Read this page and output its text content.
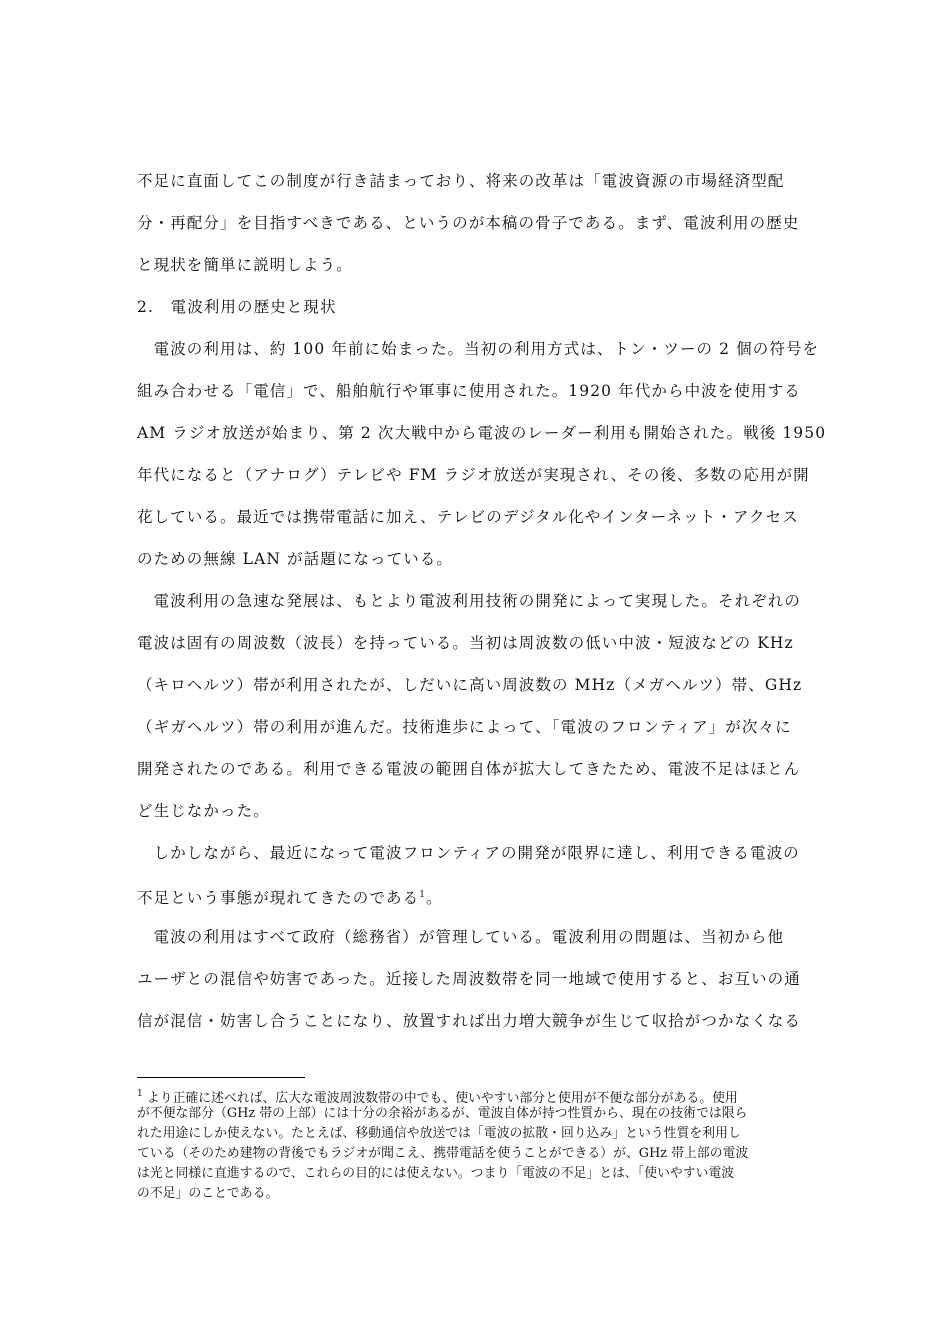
不足に直面してこの制度が行き詰まっており、将来の改革は「電波資源の市場経済型配
分・再配分」を目指すべきである、というのが本稿の骨子である。まず、電波利用の歴史
と現状を簡単に説明しよう。
2.　電波利用の歴史と現状
　電波の利用は、約 100 年前に始まった。当初の利用方式は、トン・ツーの 2 個の符号を
組み合わせる「電信」で、船舶航行や軍事に使用された。1920 年代から中波を使用する
AM ラジオ放送が始まり、第 2 次大戦中から電波のレーダー利用も開始された。戦後 1950
年代になると（アナログ）テレビや FM ラジオ放送が実現され、その後、多数の応用が開
花している。最近では携帯電話に加え、テレビのデジタル化やインターネット・アクセス
のための無線 LAN が話題になっている。
　電波利用の急速な発展は、もとより電波利用技術の開発によって実現した。それぞれの
電波は固有の周波数（波長）を持っている。当初は周波数の低い中波・短波などの KHz
（キロヘルツ）帯が利用されたが、しだいに高い周波数の MHz（メガヘルツ）帯、GHz
（ギガヘルツ）帯の利用が進んだ。技術進歩によって、「電波のフロンティア」が次々に
開発されたのである。利用できる電波の範囲自体が拡大してきたため、電波不足はほとん
ど生じなかった。
　しかしながら、最近になって電波フロンティアの開発が限界に達し、利用できる電波の
不足という事態が現れてきたのである$^1$。
　電波の利用はすべて政府（総務省）が管理している。電波利用の問題は、当初から他
ユーザとの混信や妨害であった。近接した周波数帯を同一地域で使用すると、お互いの通
信が混信・妨害し合うことになり、放置すれば出力増大競争が生じて収拾がつかなくなる
$^1$ より正確に述べれば、広大な電波周波数帯の中でも、使いやすい部分と使用が不便な部分がある。使用
が不便な部分（GHz 帯の上部）には十分の余裕があるが、電波自体が持つ性質から、現在の技術では限ら
れた用途にしか使えない。たとえば、移動通信や放送では「電波の拡散・回り込み」という性質を利用し
ている（そのため建物の背後でもラジオが聞こえ、携帯電話を使うことができる）が、GHz 帯上部の電波
は光と同様に直進するので、これらの目的には使えない。つまり「電波の不足」とは、「使いやすい電波
の不足」のことである。
